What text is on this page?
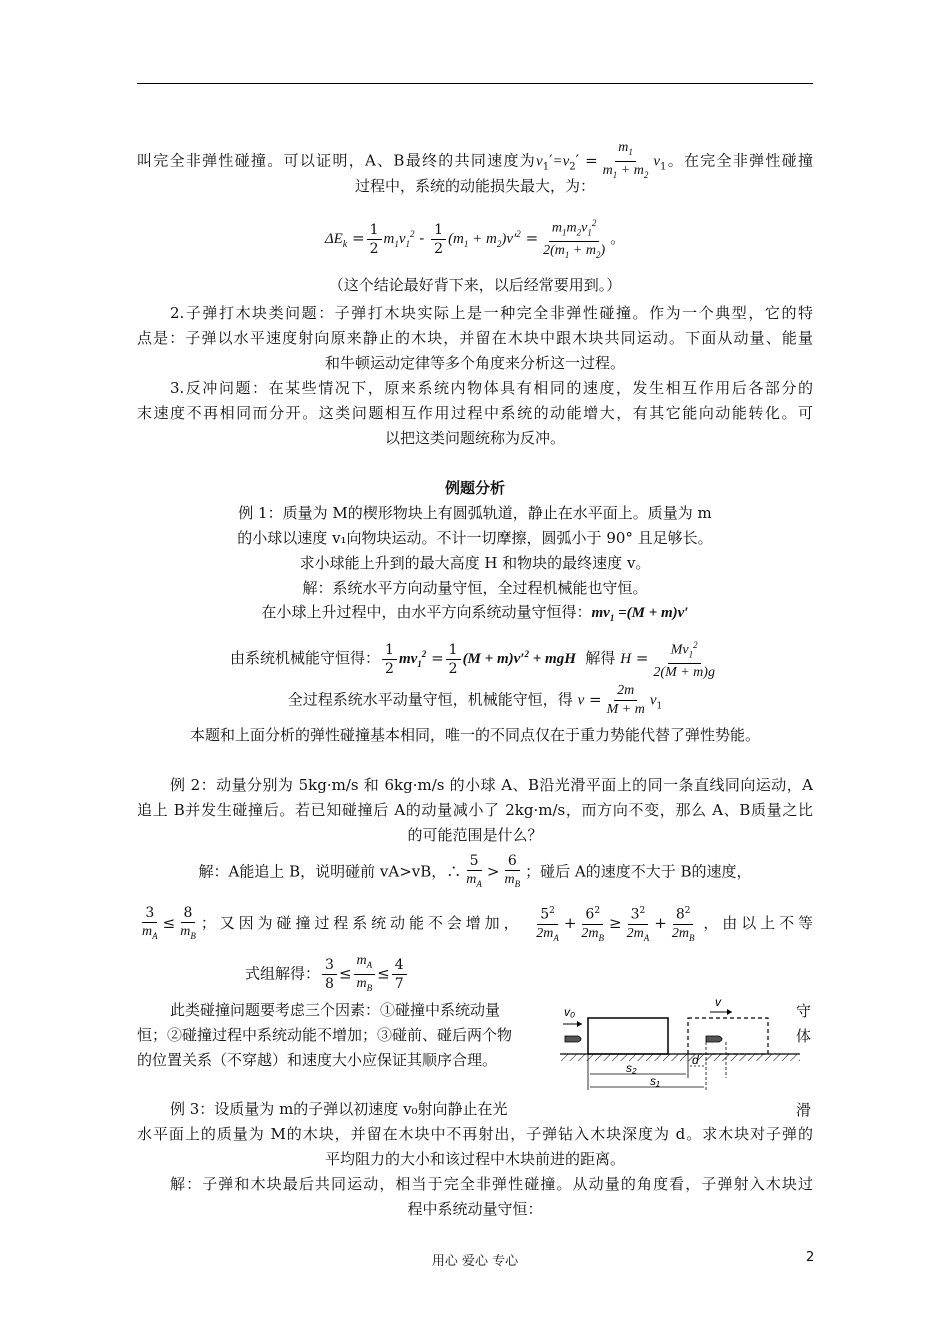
叫完全非弹性碰撞。可以证明，A、B最终的共同速度为$v_1'=v_2' = \frac{m_1}{m_1 + m_2} v_1$。在完全非弹性碰撞
过程中，系统的动能损失最大，为：
$\Delta E_k = \frac{1}{2} m_1v_1^2 - \frac{1}{2} (m_1 + m_2)v'^2 = \frac{m_1m_2v_1^2}{2(m_1 + m_2)}$ 。
（这个结论最好背下来，以后经常要用到。）
2.子弹打木块类问题：子弹打木块实际上是一种完全非弹性碰撞。作为一个典型，它的特
点是：子弹以水平速度射向原来静止的木块，并留在木块中跟木块共同运动。下面从动量、能量
和牛顿运动定律等多个角度来分析这一过程。
3.反冲问题：在某些情况下，原来系统内物体具有相同的速度，发生相互作用后各部分的
末速度不再相同而分开。这类问题相互作用过程中系统的动能增大，有其它能向动能转化。可
以把这类问题统称为反冲。
例题分析
例 1：质量为 M的楔形物块上有圆弧轨道，静止在水平面上。质量为 m
的小球以速度 v₁向物块运动。不计一切摩擦，圆弧小于 90° 且足够长。
求小球能上升到的最大高度 H 和物块的最终速度 v。
解：系统水平方向动量守恒，全过程机械能也守恒。
在小球上升过程中，由水平方向系统动量守恒得：$mv_1 =(M + m)v'$
由系统机械能守恒得： $\frac{1}{2} mv_1^2 = \frac{1}{2} (M + m)v'^2$ + mgH 解得 $H = \frac{Mv_1^2}{2(M + m)g}$
全过程系统水平动量守恒，机械能守恒，得 $v = \frac{2m}{M + m} v_1$
本题和上面分析的弹性碰撞基本相同，唯一的不同点仅在于重力势能代替了弹性势能。
例 2：动量分别为 5kg·m/s 和 6kg·m/s 的小球 A、B沿光滑平面上的同一条直线同向运动，A
追上 B并发生碰撞后。若已知碰撞后 A的动量减小了 2kg·m/s，而方向不变，那么 A、B质量之比
的可能范围是什么？
解：A能追上 B，说明碰前 vA>vB，∴ $\frac{5}{m_A} > \frac{6}{m_B}$ ；碰后 A的速度不大于 B的速度，
$\frac{3}{m_A} \le \frac{8}{m_B}$ ；又因为碰撞过程系统动能不会增加， $\frac{5^2}{2m_A} + \frac{6^2}{2m_B} \ge \frac{3^2}{2m_A} + \frac{8^2}{2m_B}$ ，由以上不等
式组解得： $\frac{3}{8} \le \frac{m_A}{m_B} \le \frac{4}{7}$
此类碰撞问题要考虑三个因素：①碰撞中系统动量	守
恒；②碰撞过程中系统动能不增加；③碰前、碰后两个物	体
的位置关系（不穿越）和速度大小应保证其顺序合理。
v₀
v
s₂
s₁
d
例 3：设质量为 m的子弹以初速度 v₀射向静止在光	滑
水平面上的质量为 M的木块，并留在木块中不再射出，子弹钻入木块深度为 d。求木块对子弹的
平均阻力的大小和该过程中木块前进的距离。
解：子弹和木块最后共同运动，相当于完全非弹性碰撞。从动量的角度看，子弹射入木块过
程中系统动量守恒：
用心 爱心 专心	2
